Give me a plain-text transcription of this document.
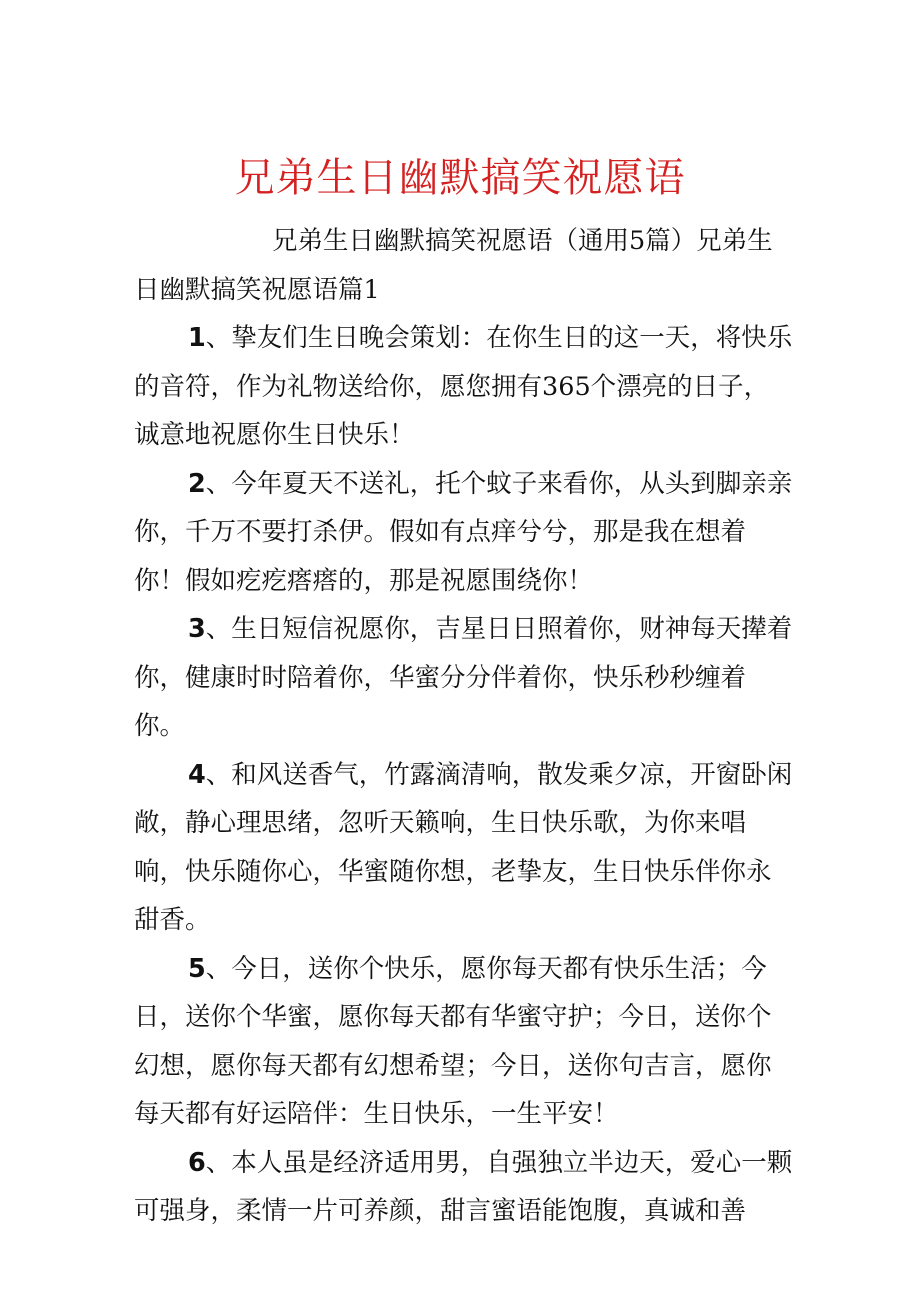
兄弟生日幽默搞笑祝愿语

兄弟生日幽默搞笑祝愿语（通用5篇）兄弟生日幽默搞笑祝愿语篇1

1、挚友们生日晚会策划：在你生日的这一天，将快乐的音符，作为礼物送给你，愿您拥有365个漂亮的日子，诚意地祝愿你生日快乐！

2、今年夏天不送礼，托个蚊子来看你，从头到脚亲亲你，千万不要打杀伊。假如有点痒兮兮，那是我在想着你！假如疙疙瘩瘩的，那是祝愿围绕你！

3、生日短信祝愿你，吉星日日照着你，财神每天撵着你，健康时时陪着你，华蜜分分伴着你，快乐秒秒缠着你。

4、和风送香气，竹露滴清响，散发乘夕凉，开窗卧闲敞，静心理思绪，忽听天籁响，生日快乐歌，为你来唱响，快乐随你心，华蜜随你想，老挚友，生日快乐伴你永甜香。

5、今日，送你个快乐，愿你每天都有快乐生活；今日，送你个华蜜，愿你每天都有华蜜守护；今日，送你个幻想，愿你每天都有幻想希望；今日，送你句吉言，愿你每天都有好运陪伴：生日快乐，一生平安！

6、本人虽是经济适用男，自强独立半边天，爱心一颗可强身，柔情一片可养颜，甜言蜜语能饱腹，真诚和善
